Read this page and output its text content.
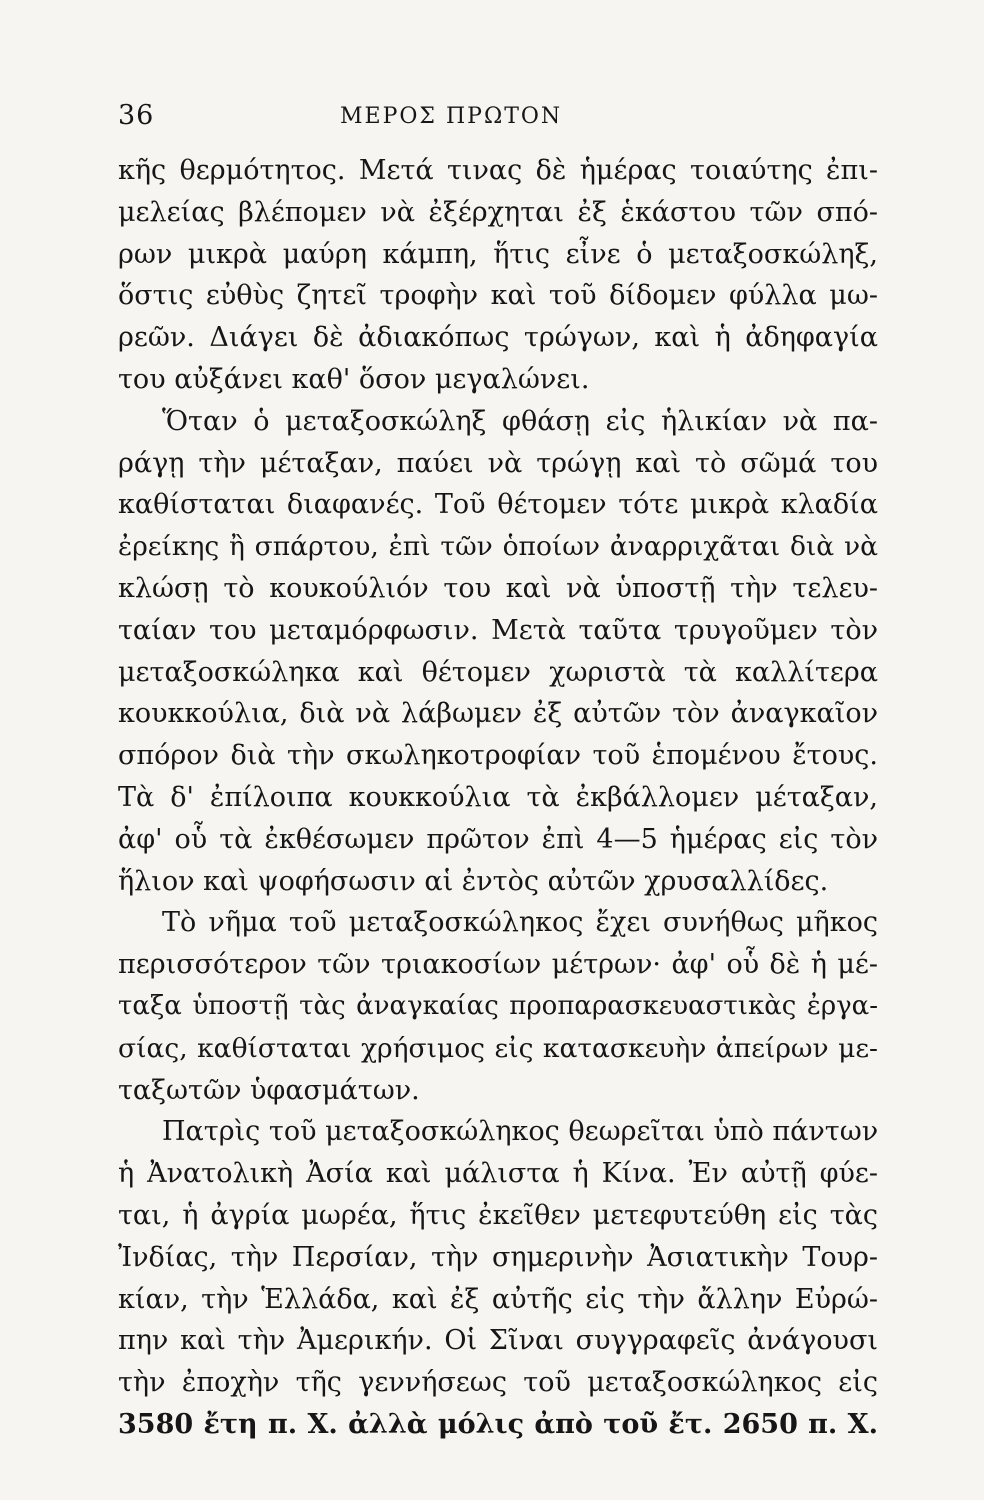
36	ΜΕΡΟΣ ΠΡΩΤΟΝ
κῆς θερμότητος. Μετά τινας δὲ ἡμέρας τοιαύτης ἐπι-
μελείας βλέπομεν νὰ ἐξέρχηται ἐξ ἑκάστου τῶν σπό-
ρων μικρὰ μαύρη κάμπη, ἥτις εἶνε ὁ μεταξοσκώληξ,
ὅστις εὐθὺς ζητεῖ τροφὴν καὶ τοῦ δίδομεν φύλλα μω-
ρεῶν. Διάγει δὲ ἀδιακόπως τρώγων, καὶ ἡ ἀδηφαγία
του αὐξάνει καθ' ὅσον μεγαλώνει.
Ὅταν ὁ μεταξοσκώληξ φθάσῃ εἰς ἡλικίαν νὰ πα-
ράγῃ τὴν μέταξαν, παύει νὰ τρώγῃ καὶ τὸ σῶμά του
καθίσταται διαφανές. Τοῦ θέτομεν τότε μικρὰ κλαδία
ἐρείκης ἢ σπάρτου, ἐπὶ τῶν ὁποίων ἀναρριχᾶται διὰ νὰ
κλώσῃ τὸ κουκούλιόν του καὶ νὰ ὑποστῇ τὴν τελευ-
ταίαν του μεταμόρφωσιν. Μετὰ ταῦτα τρυγοῦμεν τὸν
μεταξοσκώληκα καὶ θέτομεν χωριστὰ τὰ καλλίτερα
κουκκούλια, διὰ νὰ λάβωμεν ἐξ αὐτῶν τὸν ἀναγκαῖον
σπόρον διὰ τὴν σκωληκοτροφίαν τοῦ ἑπομένου ἔτους.
Τὰ δ' ἐπίλοιπα κουκκούλια τὰ ἐκβάλλομεν μέταξαν,
ἀφ' οὗ τὰ ἐκθέσωμεν πρῶτον ἐπὶ 4—5 ἡμέρας εἰς τὸν
ἥλιον καὶ ψοφήσωσιν αἱ ἐντὸς αὐτῶν χρυσαλλίδες.
Τὸ νῆμα τοῦ μεταξοσκώληκος ἔχει συνήθως μῆκος
περισσότερον τῶν τριακοσίων μέτρων· ἀφ' οὗ δὲ ἡ μέ-
ταξα ὑποστῇ τὰς ἀναγκαίας προπαρασκευαστικὰς ἐργα-
σίας, καθίσταται χρήσιμος εἰς κατασκευὴν ἀπείρων με-
ταξωτῶν ὑφασμάτων.
Πατρὶς τοῦ μεταξοσκώληκος θεωρεῖται ὑπὸ πάντων
ἡ Ἀνατολικὴ Ἀσία καὶ μάλιστα ἡ Κίνα. Ἐν αὐτῇ φύε-
ται, ἡ ἀγρία μωρέα, ἥτις ἐκεῖθεν μετεφυτεύθη εἰς τὰς
Ἰνδίας, τὴν Περσίαν, τὴν σημερινὴν Ἀσιατικὴν Τουρ-
κίαν, τὴν Ἑλλάδα, καὶ ἐξ αὐτῆς εἰς τὴν ἄλλην Εὐρώ-
πην καὶ τὴν Ἀμερικήν. Οἱ Σῖναι συγγραφεῖς ἀνάγουσι
τὴν ἐποχὴν τῆς γεννήσεως τοῦ μεταξοσκώληκος εἰς
3580 ἔτη π. Χ. ἀλλὰ μόλις ἀπὸ τοῦ ἔτ. 2650 π. Χ.
